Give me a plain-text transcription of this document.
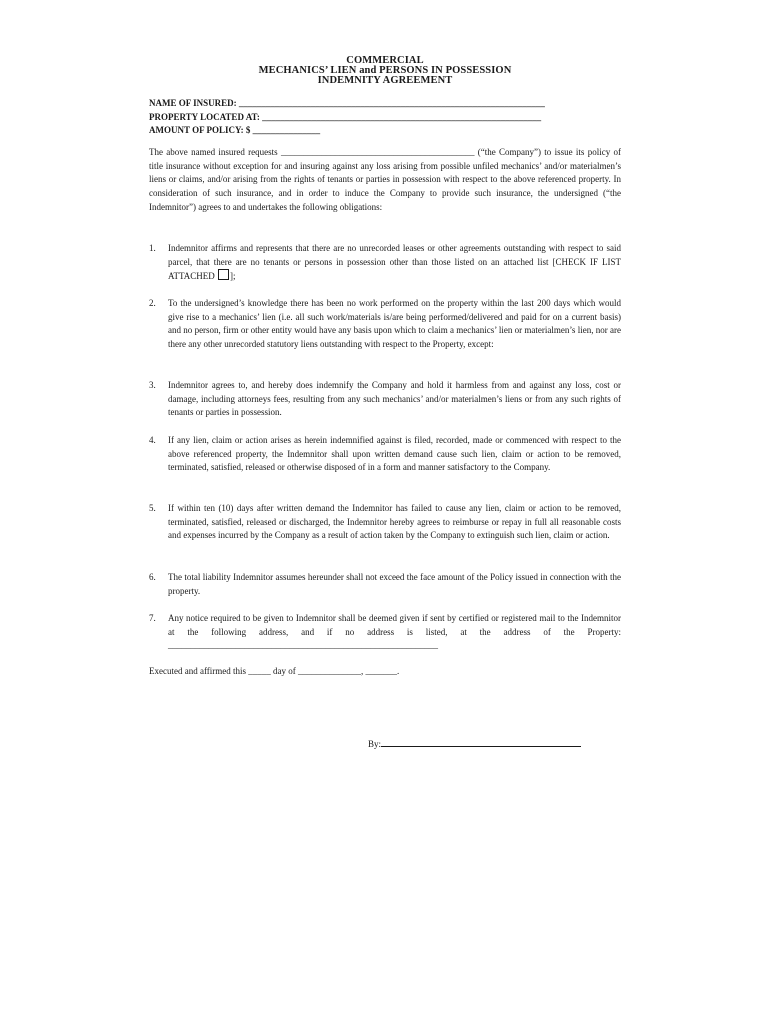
COMMERCIAL
MECHANICS’ LIEN and PERSONS IN POSSESSION
INDEMNITY AGREEMENT
NAME OF INSURED: ____________________________________________________________________
PROPERTY LOCATED AT: ______________________________________________________________
AMOUNT OF POLICY: $ _______________
The above named insured requests ___________________________________________ (“the Company”) to issue its policy of title insurance without exception for and insuring against any loss arising from possible unfiled mechanics’ and/or materialmen’s liens or claims, and/or arising from the rights of tenants or parties in possession with respect to the above referenced property. In consideration of such insurance, and in order to induce the Company to provide such insurance, the undersigned (“the Indemnitor”) agrees to and undertakes the following obligations:
1. Indemnitor affirms and represents that there are no unrecorded leases or other agreements outstanding with respect to said parcel, that there are no tenants or persons in possession other than those listed on an attached list [CHECK IF LIST ATTACHED ];
2. To the undersigned’s knowledge there has been no work performed on the property within the last 200 days which would give rise to a mechanics’ lien (i.e. all such work/materials is/are being performed/delivered and paid for on a current basis) and no person, firm or other entity would have any basis upon which to claim a mechanics’ lien or materialmen’s lien, nor are there any other unrecorded statutory liens outstanding with respect to the Property, except:
3. Indemnitor agrees to, and hereby does indemnify the Company and hold it harmless from and against any loss, cost or damage, including attorneys fees, resulting from any such mechanics’ and/or materialmen’s liens or from any such rights of tenants or parties in possession.
4. If any lien, claim or action arises as herein indemnified against is filed, recorded, made or commenced with respect to the above referenced property, the Indemnitor shall upon written demand cause such lien, claim or action to be removed, terminated, satisfied, released or otherwise disposed of in a form and manner satisfactory to the Company.
5. If within ten (10) days after written demand the Indemnitor has failed to cause any lien, claim or action to be removed, terminated, satisfied, released or discharged, the Indemnitor hereby agrees to reimburse or repay in full all reasonable costs and expenses incurred by the Company as a result of action taken by the Company to extinguish such lien, claim or action.
6. The total liability Indemnitor assumes hereunder shall not exceed the face amount of the Policy issued in connection with the property.
7. Any notice required to be given to Indemnitor shall be deemed given if sent by certified or registered mail to the Indemnitor at the following address, and if no address is listed, at the address of the Property: ____________________________________________________________
Executed and affirmed this _____ day of ______________, _______.
By:
